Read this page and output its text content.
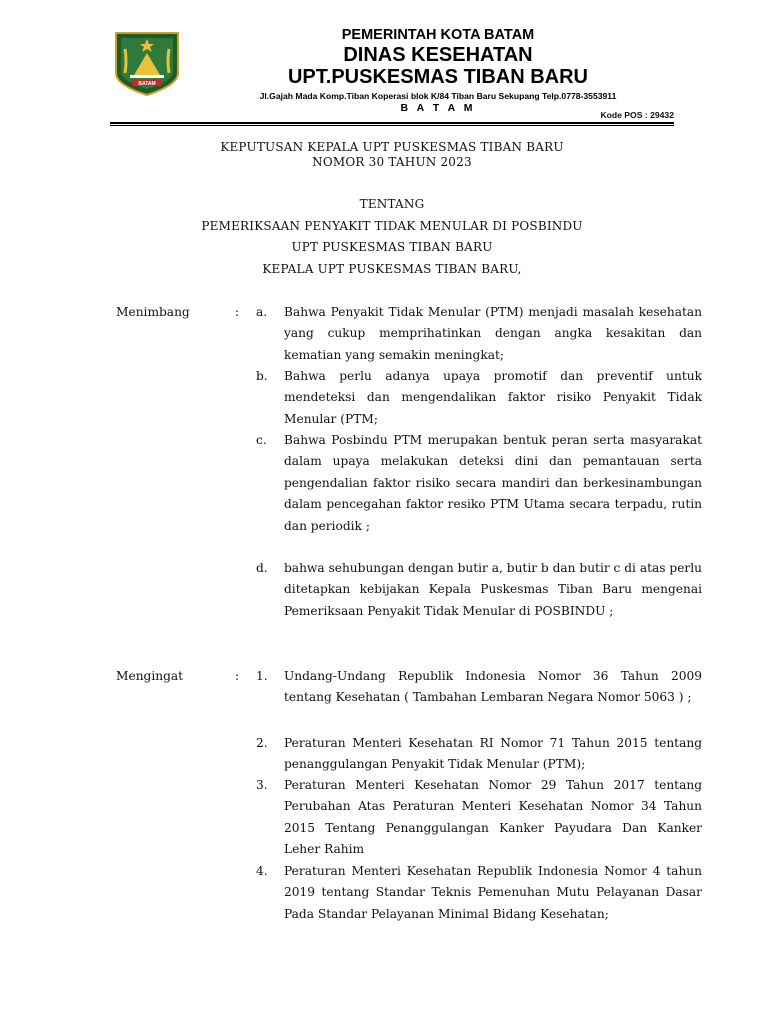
BATAM
PEMERINTAH KOTA BATAM
DINAS KESEHATAN
UPT.PUSKESMAS TIBAN BARU
Jl.Gajah Mada Komp.Tiban Koperasi blok K/84 Tiban Baru Sekupang Telp.0778-3553911
B A T A M
Kode POS : 29432
KEPUTUSAN KEPALA UPT PUSKESMAS TIBAN BARU
NOMOR 30 TAHUN 2023
TENTANG
PEMERIKSAAN PENYAKIT TIDAK MENULAR DI POSBINDU
UPT PUSKESMAS TIBAN BARU
KEPALA UPT PUSKESMAS TIBAN BARU,
Menimbang	: a. Bahwa Penyakit Tidak Menular (PTM) menjadi masalah kesehatan yang cukup memprihatinkan dengan angka kesakitan dan kematian yang semakin meningkat;
b. Bahwa perlu adanya upaya promotif dan preventif untuk mendeteksi dan mengendalikan faktor risiko Penyakit Tidak Menular (PTM;
c. Bahwa Posbindu PTM merupakan bentuk peran serta masyarakat dalam upaya melakukan deteksi dini dan pemantauan serta pengendalian faktor risiko secara mandiri dan berkesinambungan dalam pencegahan faktor resiko PTM Utama secara terpadu, rutin dan periodik ;
d. bahwa sehubungan dengan butir a, butir b dan butir c di atas perlu ditetapkan kebijakan Kepala Puskesmas Tiban Baru mengenai Pemeriksaan Penyakit Tidak Menular di POSBINDU ;
Mengingat	: 1. Undang-Undang Republik Indonesia Nomor 36 Tahun 2009 tentang Kesehatan ( Tambahan Lembaran Negara Nomor 5063 ) ;
2. Peraturan Menteri Kesehatan RI Nomor 71 Tahun 2015 tentang penanggulangan Penyakit Tidak Menular (PTM);
3. Peraturan Menteri Kesehatan Nomor 29 Tahun 2017 tentang Perubahan Atas Peraturan Menteri Kesehatan Nomor 34 Tahun 2015 Tentang Penanggulangan Kanker Payudara Dan Kanker Leher Rahim
4. Peraturan Menteri Kesehatan Republik Indonesia Nomor 4 tahun 2019 tentang Standar Teknis Pemenuhan Mutu Pelayanan Dasar Pada Standar Pelayanan Minimal Bidang Kesehatan;
